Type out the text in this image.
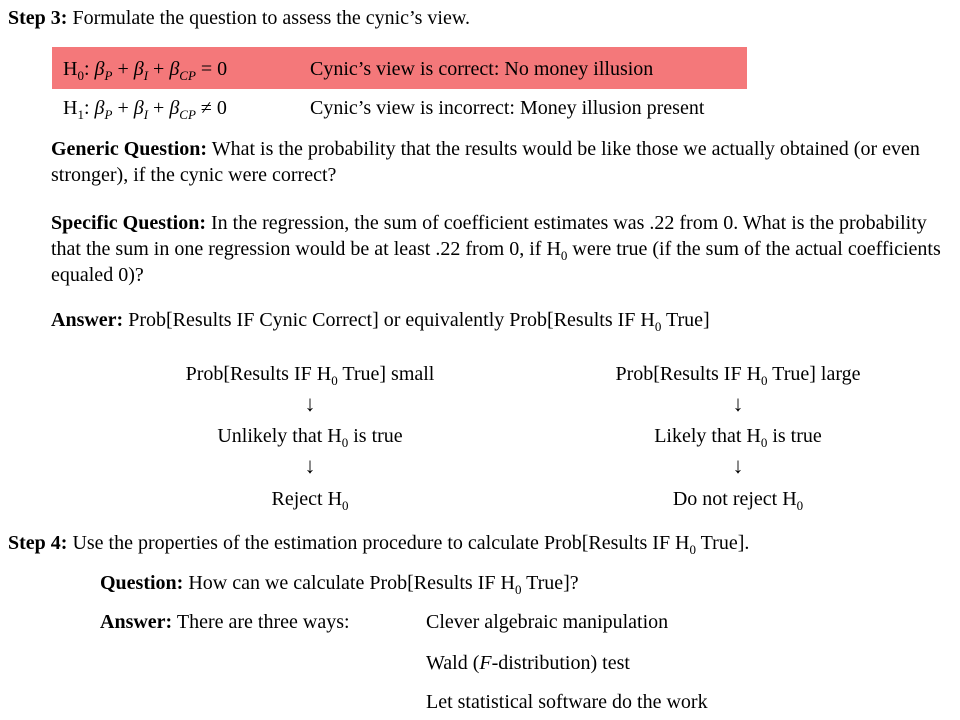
Step 3: Formulate the question to assess the cynic’s view.
$H_0$: $\beta_P + \beta_I + \beta_{CP} = 0$	Cynic’s view is correct: No money illusion
$H_1$: $\beta_P + \beta_I + \beta_{CP} \ne 0$	Cynic’s view is incorrect: Money illusion present
Generic Question: What is the probability that the results would be like those we actually obtained (or even stronger), if the cynic were correct?
Specific Question: In the regression, the sum of coefficient estimates was .22 from 0. What is the probability that the sum in one regression would be at least .22 from 0, if $H_0$ were true (if the sum of the actual coefficients equaled 0)?
Answer: Prob[Results IF Cynic Correct] or equivalently Prob[Results IF $H_0$ True]
Prob[Results IF $H_0$ True] small
↓
Unlikely that $H_0$ is true
↓
Reject $H_0$
Prob[Results IF $H_0$ True] large
↓
Likely that $H_0$ is true
↓
Do not reject $H_0$
Step 4: Use the properties of the estimation procedure to calculate Prob[Results IF $H_0$ True].
Question: How can we calculate Prob[Results IF $H_0$ True]?
Answer: There are three ways:	Clever algebraic manipulation
Wald (F-distribution) test
Let statistical software do the work
